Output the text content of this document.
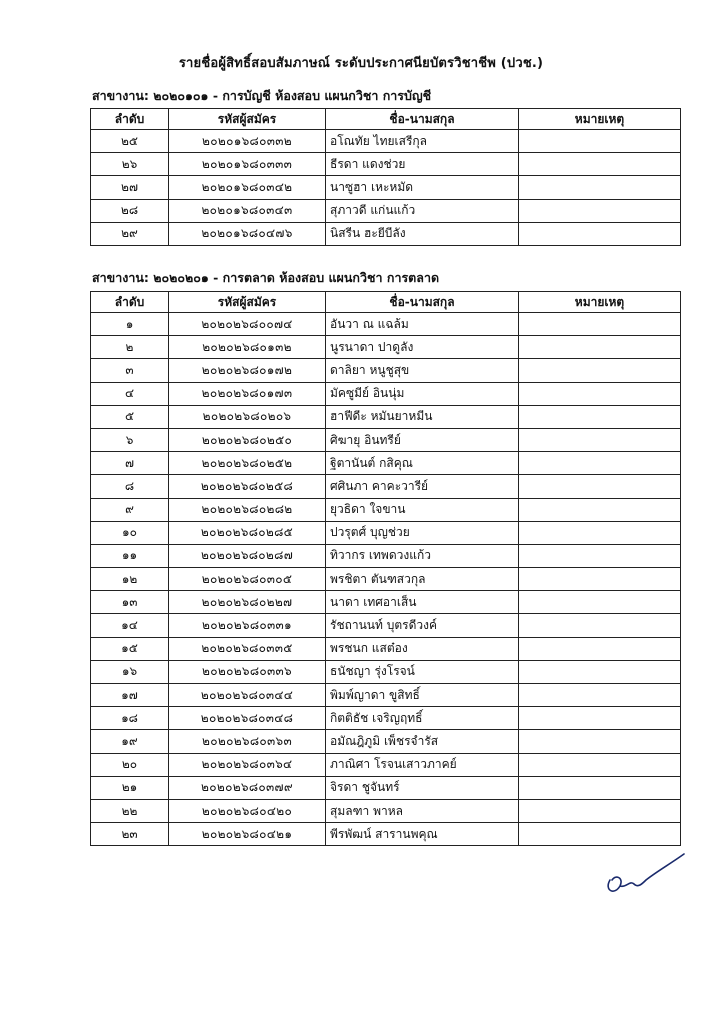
รายชื่อผู้สิทธิ์สอบสัมภาษณ์ ระดับประกาศนียบัตรวิชาชีพ (ปวช.)
สาขางาน: ๒๐๒๐๑๐๑ - การบัญชี ห้องสอบ แผนกวิชา การบัญชี
ลำดับ	รหัสผู้สมัคร	ชื่อ-นามสกุล	หมายเหตุ
๒๕	๒๐๒๐๑๖๘๐๓๓๒	อโณทัย ไทยเสรีกุล	
๒๖	๒๐๒๐๑๖๘๐๓๓๓	ธีรดา แดงช่วย	
๒๗	๒๐๒๐๑๖๘๐๓๔๒	นาซูฮา เหะหมัด	
๒๘	๒๐๒๐๑๖๘๐๓๔๓	สุภาวดี แก่นแก้ว	
๒๙	๒๐๒๐๑๖๘๐๔๗๖	นิสรีน ฮะยีบีลัง	
สาขางาน: ๒๐๒๐๒๐๑ - การตลาด ห้องสอบ แผนกวิชา การตลาด
ลำดับ	รหัสผู้สมัคร	ชื่อ-นามสกุล	หมายเหตุ
๑	๒๐๒๐๒๖๘๐๐๗๔	อันวา ณ แฉล้ม	
๒	๒๐๒๐๒๖๘๐๑๓๒	นูรนาดา ปาดูลัง	
๓	๒๐๒๐๒๖๘๐๑๗๒	ดาลิยา หนูชูสุข	
๔	๒๐๒๐๒๖๘๐๑๗๓	มัคซูมีย์ อินนุ่ม	
๕	๒๐๒๐๒๖๘๐๒๐๖	ฮาฟีดีะ หมันยาหมีน	
๖	๒๐๒๐๒๖๘๐๒๕๐	ศิฆายุ อินทรีย์	
๗	๒๐๒๐๒๖๘๐๒๕๒	ฐิตานันต์ กสิคุณ	
๘	๒๐๒๐๒๖๘๐๒๕๘	ศศินภา คาคะวารีย์	
๙	๒๐๒๐๒๖๘๐๒๘๒	ยุวธิดา ใจขาน	
๑๐	๒๐๒๐๒๖๘๐๒๘๕	ปวรุตศ์ บุญช่วย	
๑๑	๒๐๒๐๒๖๘๐๒๘๗	ทิวากร เทพดวงแก้ว	
๑๒	๒๐๒๐๒๖๘๐๓๐๕	พรชิตา ตันฑสวกุล	
๑๓	๒๐๒๐๒๖๘๐๒๒๗	นาดา เทศอาเส็น	
๑๔	๒๐๒๐๒๖๘๐๓๓๑	รัชถานนท์ บุตรดีวงค์	
๑๕	๒๐๒๐๒๖๘๐๓๓๕	พรชนก แสต๋อง	
๑๖	๒๐๒๐๒๖๘๐๓๓๖	ธนัชญา รุ่งโรจน์	
๑๗	๒๐๒๐๒๖๘๐๓๔๔	พิมพ์ญาดา ขูสิทธิ์	
๑๘	๒๐๒๐๒๖๘๐๓๔๘	กิตติธัช เจริญฤทธิ์	
๑๙	๒๐๒๐๒๖๘๐๓๖๓	อมัณฎิภูมิ เพ็ชรจำรัส	
๒๐	๒๐๒๐๒๖๘๐๓๖๔	ภาณิศา โรจนเสาวภาคย์	
๒๑	๒๐๒๐๒๖๘๐๓๗๙	จิรดา ชูจันทร์	
๒๒	๒๐๒๐๒๖๘๐๔๒๐	สุมลฑา พาหล	
๒๓	๒๐๒๐๒๖๘๐๔๒๑	พีรพัฒน์ สารานพคุณ	
